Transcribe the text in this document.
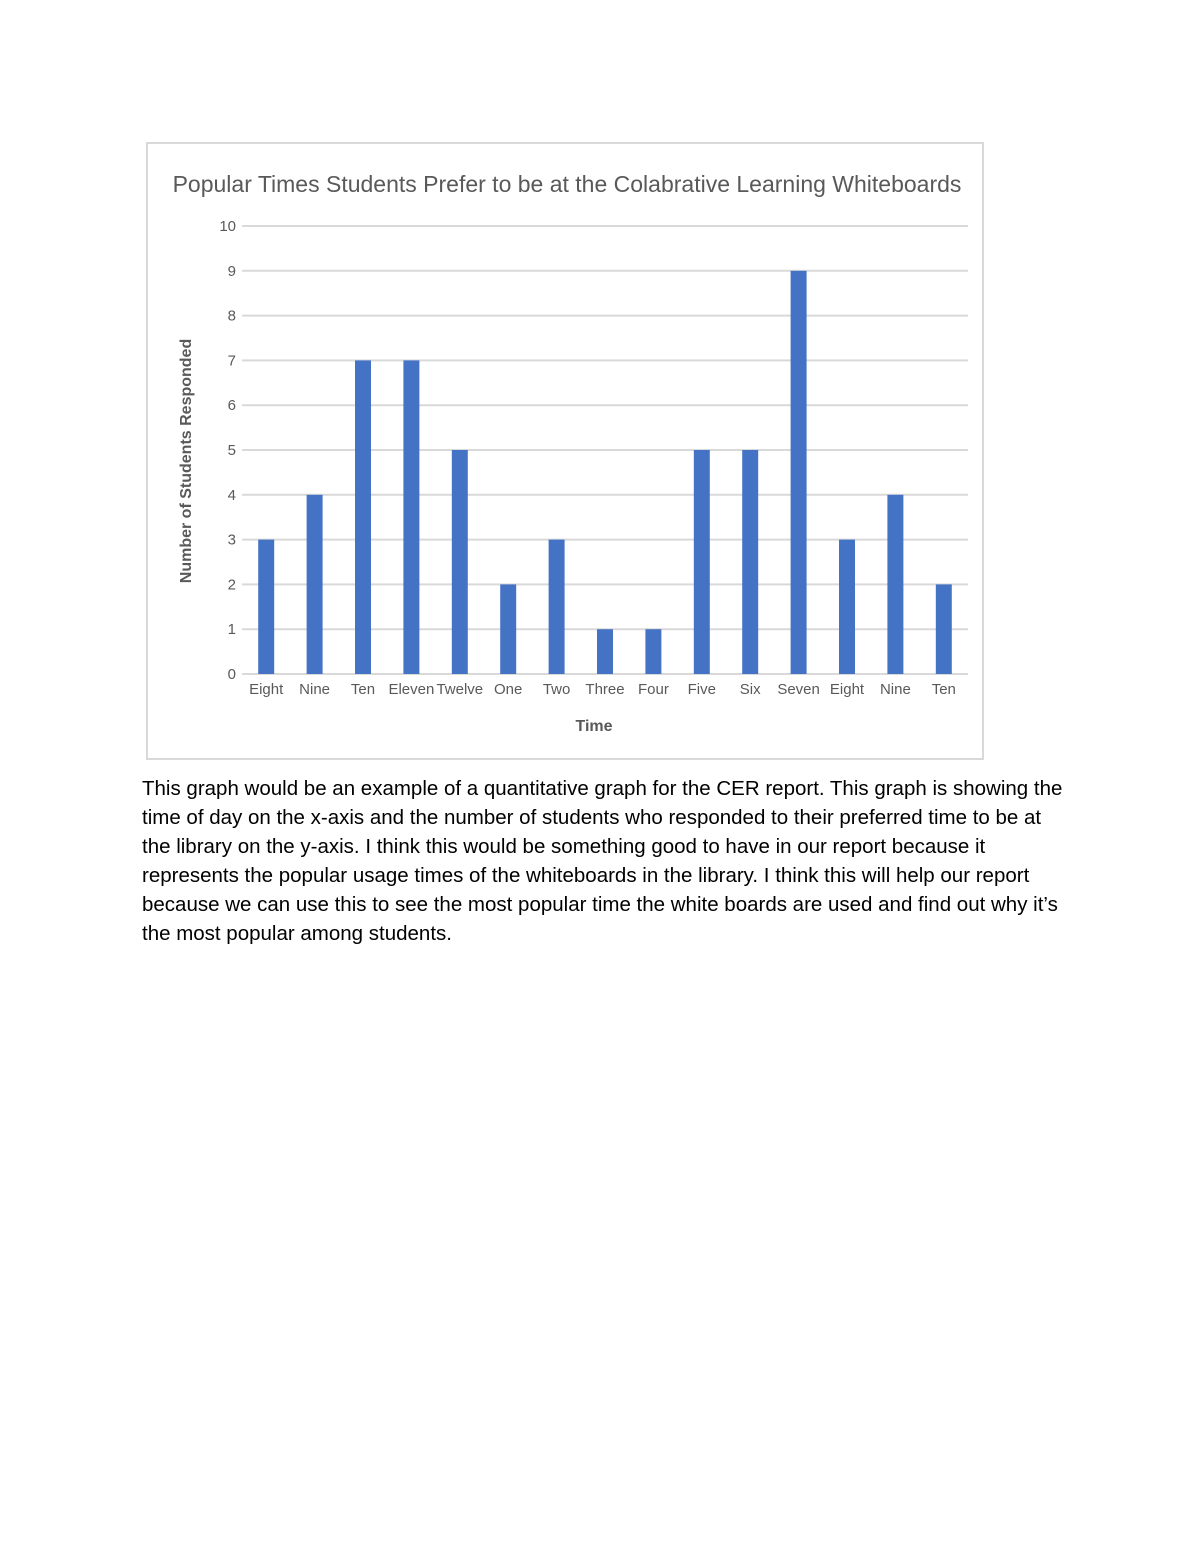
Popular Times Students Prefer to be at the Colabrative Learning Whiteboards
0
1
2
3
4
5
6
7
8
9
10
Eight Nine Ten Eleven Twelve One Two Three Four Five Six Seven Eight Nine Ten
Time
Number of Students Responded

This graph would be an example of a quantitative graph for the CER report. This graph is showing the time of day on the x-axis and the number of students who responded to their preferred time to be at the library on the y-axis. I think this would be something good to have in our report because it represents the popular usage times of the whiteboards in the library. I think this will help our report because we can use this to see the most popular time the white boards are used and find out why it’s the most popular among students.
